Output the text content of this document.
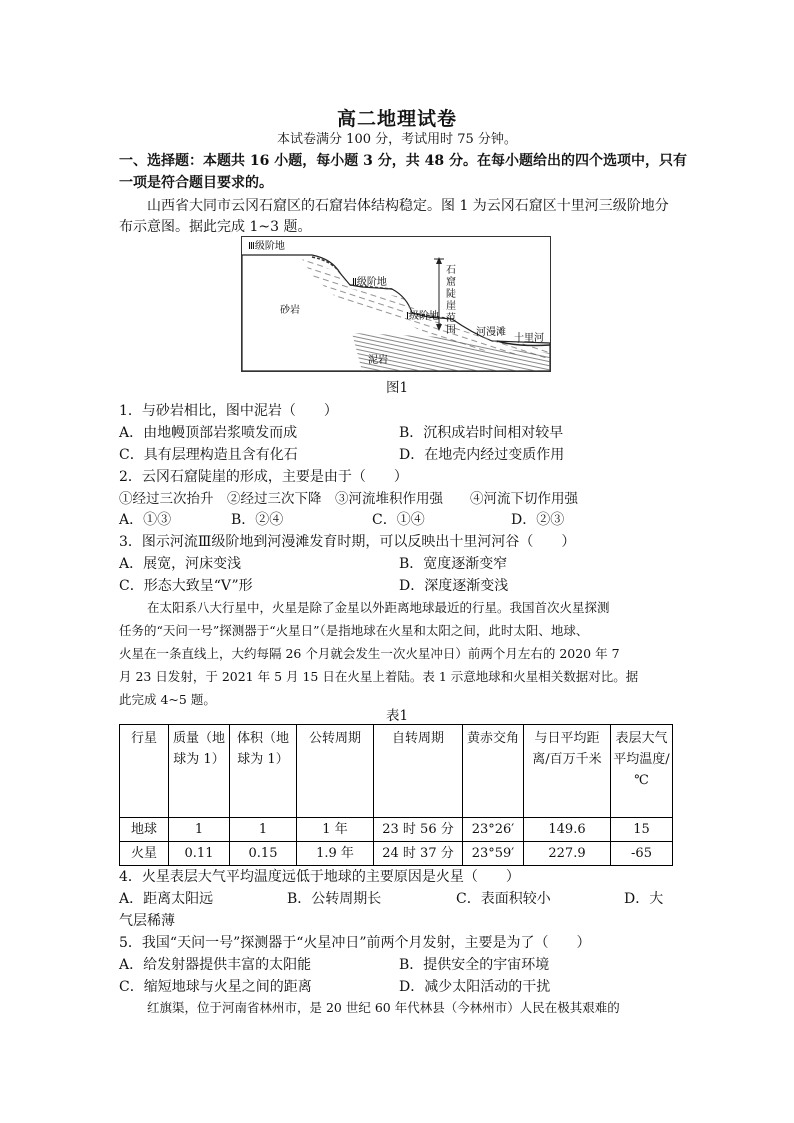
高二地理试卷
本试卷满分 100 分，考试用时 75 分钟。
一、选择题：本题共 16 小题，每小题 3 分，共 48 分。在每小题给出的四个选项中，只有
一项是符合题目要求的。
山西省大同市云冈石窟区的石窟岩体结构稳定。图 1 为云冈石窟区十里河三级阶地分
布示意图。据此完成 1~3 题。
Ⅲ级阶地
Ⅱ级阶地
Ⅰ级阶地
砂岩
泥岩
河漫滩
十里河
石
窟
陡
崖
范
围
图1
1．与砂岩相比，图中泥岩（　　）
A．由地幔顶部岩浆喷发而成	B．沉积成岩时间相对较早
C．具有层理构造且含有化石	D．在地壳内经过变质作用
2．云冈石窟陡崖的形成，主要是由于（　　）
①经过三次抬升　②经过三次下降　③河流堆积作用强　　④河流下切作用强
A．①③	B．②④	C．①④	D．②③
3．图示河流Ⅲ级阶地到河漫滩发育时期，可以反映出十里河河谷（　　）
A．展宽，河床变浅	B．宽度逐渐变窄
C．形态大致呈“V”形	D．深度逐渐变浅
在太阳系八大行星中，火星是除了金星以外距离地球最近的行星。我国首次火星探测
任务的“天问一号”探测器于“火星日”（是指地球在火星和太阳之间，此时太阳、地球、
火星在一条直线上，大约每隔 26 个月就会发生一次火星冲日）前两个月左右的 2020 年 7
月 23 日发射，于 2021 年 5 月 15 日在火星上着陆。表 1 示意地球和火星相关数据对比。据
此完成 4~5 题。
表1
行星	质量（地球为 1）	体积（地球为 1）	公转周期	自转周期	黄赤交角	与日平均距离/百万千米	表层大气平均温度/℃
地球	1	1	1 年	23 时 56 分	23°26′	149.6	15
火星	0.11	0.15	1.9 年	24 时 37 分	23°59′	227.9	-65
4．火星表层大气平均温度远低于地球的主要原因是火星（　　）
A．距离太阳远	B．公转周期长	C．表面积较小	D．大
气层稀薄
5．我国“天问一号”探测器于“火星冲日”前两个月发射，主要是为了（　　）
A．给发射器提供丰富的太阳能	B．提供安全的宇宙环境
C．缩短地球与火星之间的距离	D．减少太阳活动的干扰
红旗渠，位于河南省林州市，是 20 世纪 60 年代林县（今林州市）人民在极其艰难的
